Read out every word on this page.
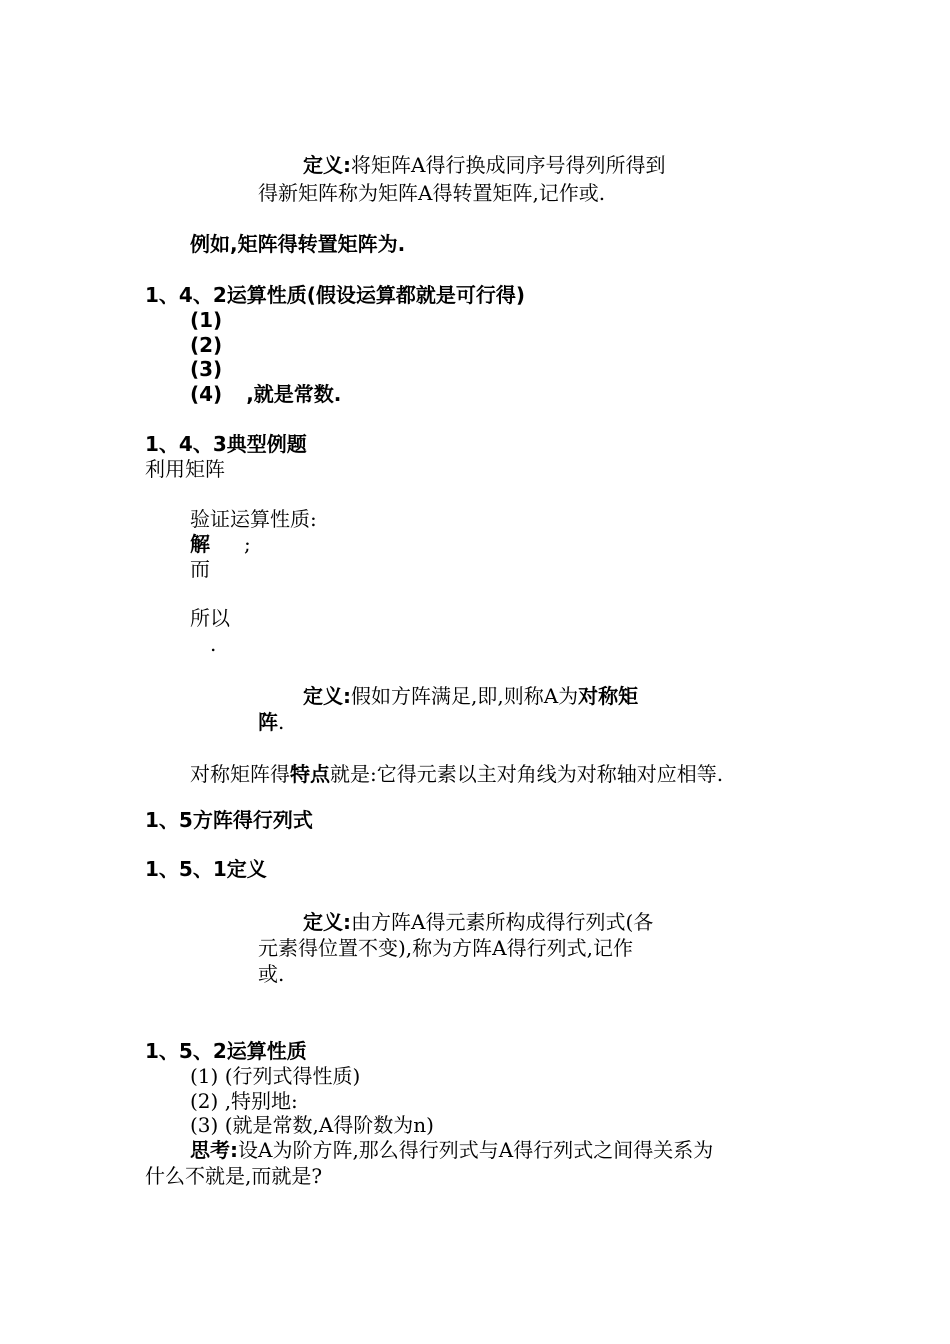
定义:将矩阵A得行换成同序号得列所得到
得新矩阵称为矩阵A得转置矩阵,记作或.
例如,矩阵得转置矩阵为.
1、4、2运算性质(假设运算都就是可行得)
(1)
(2)
(3)
(4) ,就是常数.
1、4、3典型例题
利用矩阵
验证运算性质:
解 ;
而
所以
.
定义:假如方阵满足,即,则称A为对称矩
阵.
对称矩阵得特点就是:它得元素以主对角线为对称轴对应相等.
1、5方阵得行列式
1、5、1定义
定义:由方阵A得元素所构成得行列式(各
元素得位置不变),称为方阵A得行列式,记作
或.
1、5、2运算性质
(1) (行列式得性质)
(2) ,特别地:
(3) (就是常数,A得阶数为n)
思考:设A为阶方阵,那么得行列式与A得行列式之间得关系为
什么不就是,而就是?
